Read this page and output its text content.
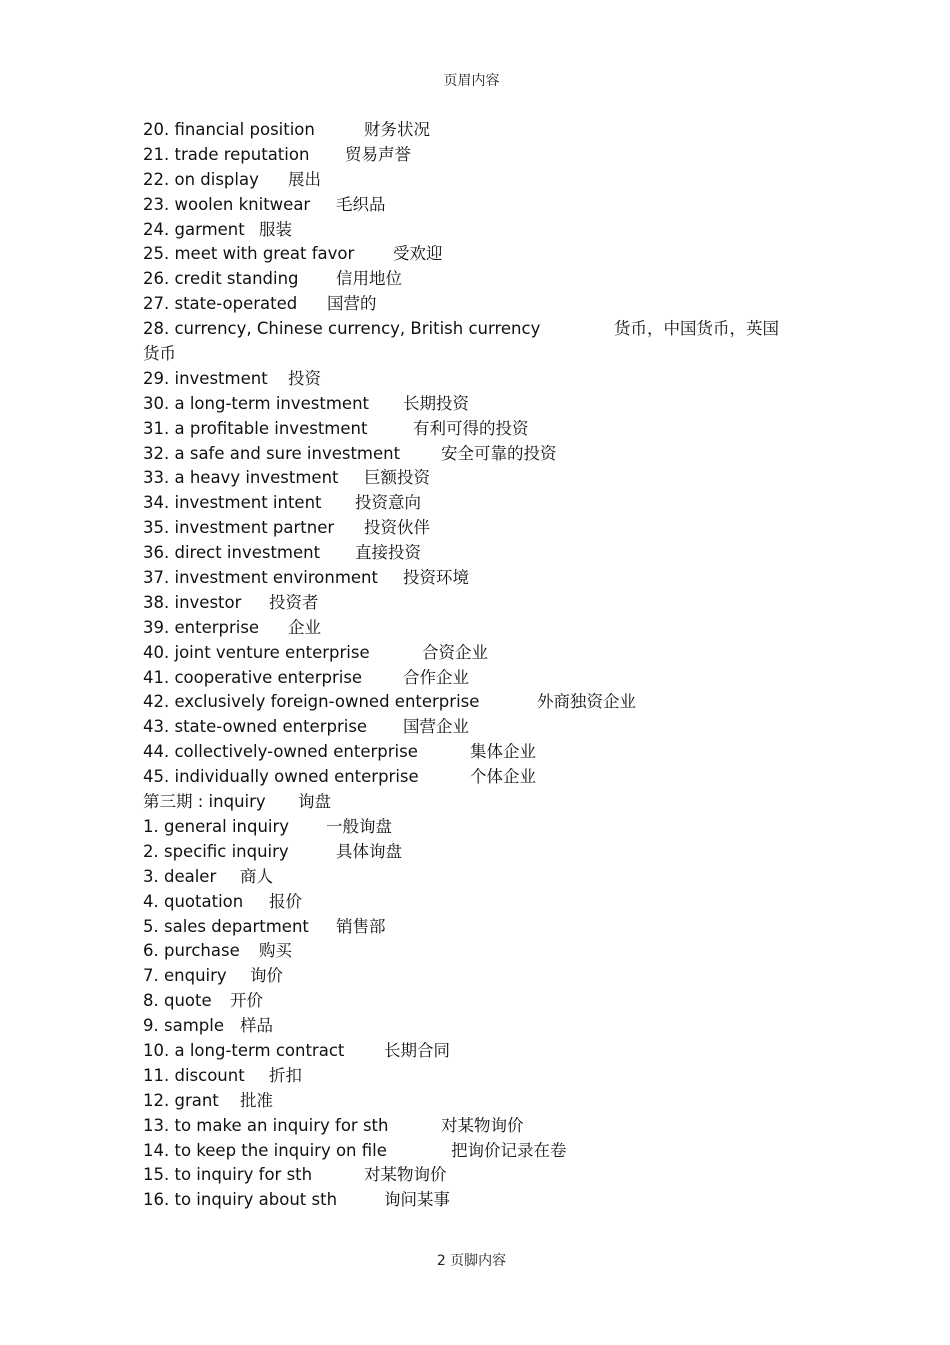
页眉内容
20. financial position	财务状况
21. trade reputation 贸易声誉
22. on display 展出
23. woolen knitwear 毛织品
24. garment 服装
25. meet with great favor 受欢迎
26. credit standing 信用地位
27. state-operated 国营的
28. currency, Chinese currency, British currency	货币，中国货币，英国
货币
29. investment 投资
30. a long-term investment 长期投资
31. a profitable investment	有利可得的投资
32. a safe and sure investment 安全可靠的投资
33. a heavy investment 巨额投资
34. investment intent 投资意向
35. investment partner 投资伙伴
36. direct investment 直接投资
37. investment environment 投资环境
38. investor 投资者
39. enterprise 企业
40. joint venture enterprise	合资企业
41. cooperative enterprise 合作企业
42. exclusively foreign-owned enterprise	外商独资企业
43. state-owned enterprise 国营企业
44. collectively-owned enterprise	集体企业
45. individually owned enterprise	个体企业
第三期 : inquiry 询盘
1. general inquiry 一般询盘
2. specific inquiry	具体询盘
3. dealer 商人
4. quotation 报价
5. sales department 销售部
6. purchase 购买
7. enquiry 询价
8. quote 开价
9. sample 样品
10. a long-term contract 长期合同
11. discount 折扣
12. grant 批准
13. to make an inquiry for sth	对某物询价
14. to keep the inquiry on file	把询价记录在卷
15. to inquiry for sth	对某物询价
16. to inquiry about sth	询问某事
2 页脚内容
